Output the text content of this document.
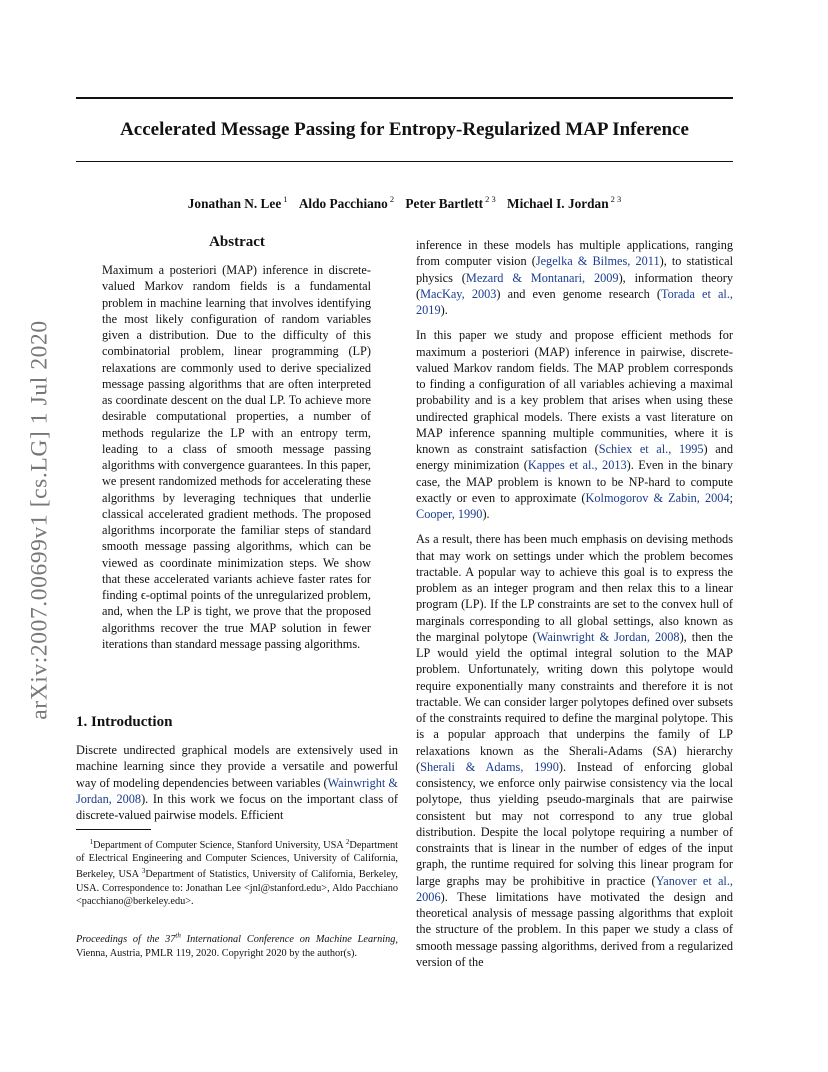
Accelerated Message Passing for Entropy-Regularized MAP Inference
Jonathan N. Lee $^1$ Aldo Pacchiano $^2$ Peter Bartlett $^{2 3}$ Michael I. Jordan $^{2 3}$
arXiv:2007.00699v1 [cs.LG] 1 Jul 2020
Abstract

Maximum a posteriori (MAP) inference in discrete-valued Markov random fields is a fundamental problem in machine learning that involves identifying the most likely configuration of random variables given a distribution. Due to the difficulty of this combinatorial problem, linear programming (LP) relaxations are commonly used to derive specialized message passing algorithms that are often interpreted as coordinate descent on the dual LP. To achieve more desirable computational properties, a number of methods regularize the LP with an entropy term, leading to a class of smooth message passing algorithms with convergence guarantees. In this paper, we present randomized methods for accelerating these algorithms by leveraging techniques that underlie classical accelerated gradient methods. The proposed algorithms incorporate the familiar steps of standard smooth message passing algorithms, which can be viewed as coordinate minimization steps. We show that these accelerated variants achieve faster rates for finding ϵ-optimal points of the unregularized problem, and, when the LP is tight, we prove that the proposed algorithms recover the true MAP solution in fewer iterations than standard message passing algorithms.

1. Introduction

Discrete undirected graphical models are extensively used in machine learning since they provide a versatile and powerful way of modeling dependencies between variables (Wainwright & Jordan, 2008). In this work we focus on the important class of discrete-valued pairwise models. Efficient

$^1$Department of Computer Science, Stanford University, USA $^2$Department of Electrical Engineering and Computer Sciences, University of California, Berkeley, USA $^3$Department of Statistics, University of California, Berkeley, USA. Correspondence to: Jonathan Lee <jnl@stanford.edu>, Aldo Pacchiano <pacchiano@berkeley.edu>.

Proceedings of the 37th International Conference on Machine Learning, Vienna, Austria, PMLR 119, 2020. Copyright 2020 by the author(s).

inference in these models has multiple applications, ranging from computer vision (Jegelka & Bilmes, 2011), to statistical physics (Mezard & Montanari, 2009), information theory (MacKay, 2003) and even genome research (Torada et al., 2019).

In this paper we study and propose efficient methods for maximum a posteriori (MAP) inference in pairwise, discrete-valued Markov random fields. The MAP problem corresponds to finding a configuration of all variables achieving a maximal probability and is a key problem that arises when using these undirected graphical models. There exists a vast literature on MAP inference spanning multiple communities, where it is known as constraint satisfaction (Schiex et al., 1995) and energy minimization (Kappes et al., 2013). Even in the binary case, the MAP problem is known to be NP-hard to compute exactly or even to approximate (Kolmogorov & Zabin, 2004; Cooper, 1990).

As a result, there has been much emphasis on devising methods that may work on settings under which the problem becomes tractable. A popular way to achieve this goal is to express the problem as an integer program and then relax this to a linear program (LP). If the LP constraints are set to the convex hull of marginals corresponding to all global settings, also known as the marginal polytope (Wainwright & Jordan, 2008), then the LP would yield the optimal integral solution to the MAP problem. Unfortunately, writing down this polytope would require exponentially many constraints and therefore it is not tractable. We can consider larger polytopes defined over subsets of the constraints required to define the marginal polytope. This is a popular approach that underpins the family of LP relaxations known as the Sherali-Adams (SA) hierarchy (Sherali & Adams, 1990). Instead of enforcing global consistency, we enforce only pairwise consistency via the local polytope, thus yielding pseudo-marginals that are pairwise consistent but may not correspond to any true global distribution. Despite the local polytope requiring a number of constraints that is linear in the number of edges of the input graph, the runtime required for solving this linear program for large graphs may be prohibitive in practice (Yanover et al., 2006). These limitations have motivated the design and theoretical analysis of message passing algorithms that exploit the structure of the problem. In this paper we study a class of smooth message passing algorithms, derived from a regularized version of the
